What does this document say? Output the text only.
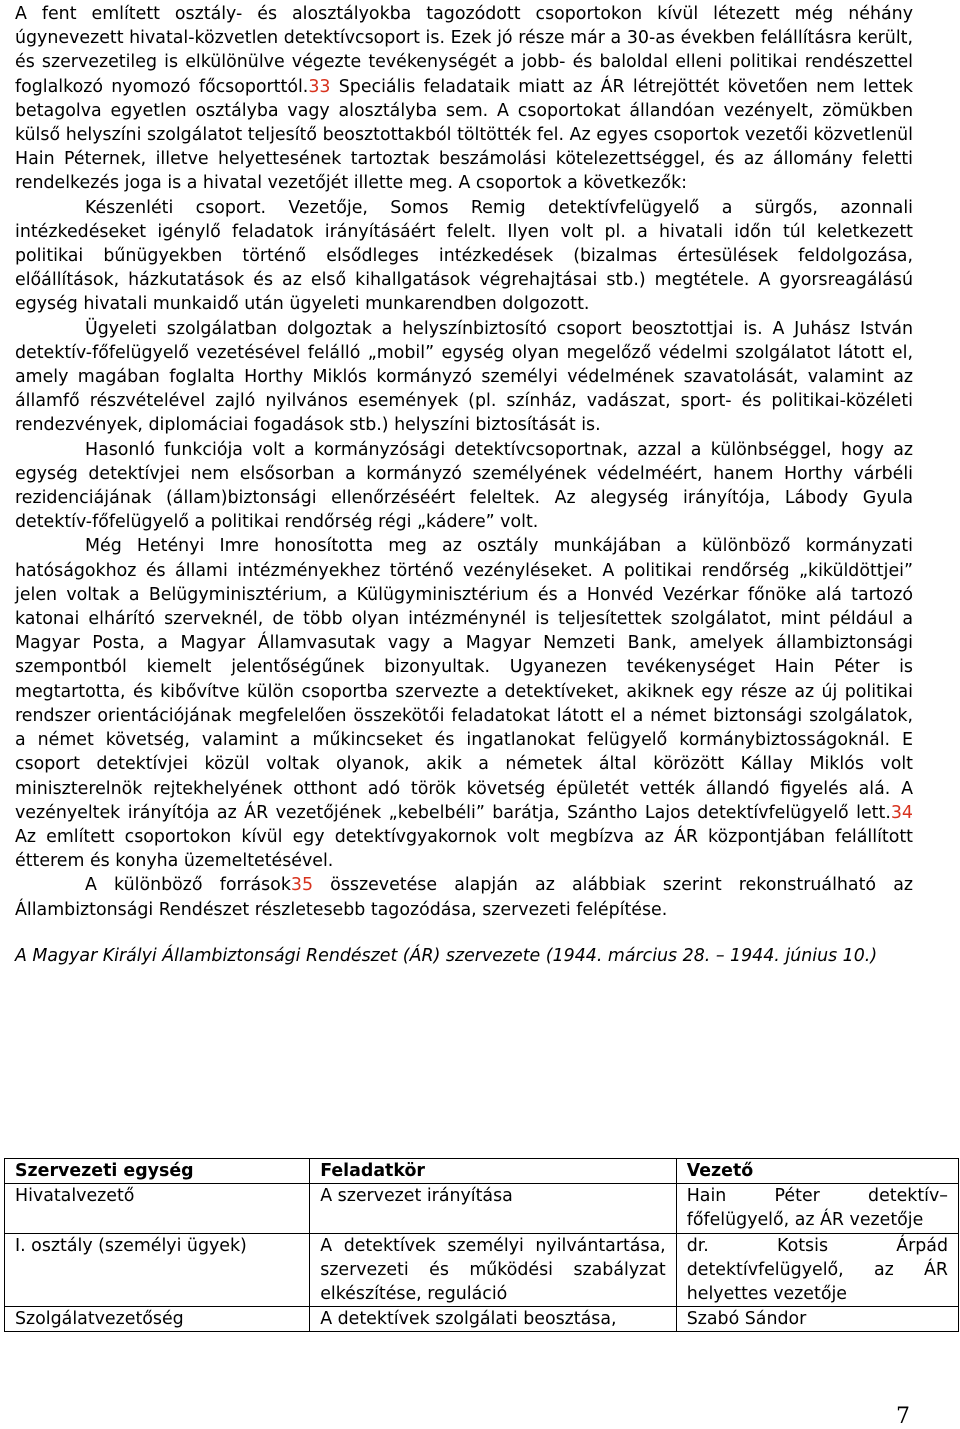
A fent említett osztály- és alosztályokba tagozódott csoportokon kívül létezett még néhány úgynevezett hivatal-közvetlen detektívcsoport is. Ezek jó része már a 30-as években felállításra került, és szervezetileg is elkülönülve végezte tevékenységét a jobb- és baloldal elleni politikai rendészettel foglalkozó nyomozó főcsoporttól.33 Speciális feladataik miatt az ÁR létrejöttét követően nem lettek betagolva egyetlen osztályba vagy alosztályba sem. A csoportokat állandóan vezényelt, zömükben külső helyszíni szolgálatot teljesítő beosztottakból töltötték fel. Az egyes csoportok vezetői közvetlenül Hain Péternek, illetve helyettesének tartoztak beszámolási kötelezettséggel, és az állomány feletti rendelkezés joga is a hivatal vezetőjét illette meg. A csoportok a következők:

Készenléti csoport. Vezetője, Somos Remig detektívfelügyelő a sürgős, azonnali intézkedéseket igénylő feladatok irányításáért felelt. Ilyen volt pl. a hivatali időn túl keletkezett politikai bűnügyekben történő elsődleges intézkedések (bizalmas értesülések feldolgozása, előállítások, házkutatások és az első kihallgatások végrehajtásai stb.) megtétele. A gyorsreagálású egység hivatali munkaidő után ügyeleti munkarendben dolgozott.

Ügyeleti szolgálatban dolgoztak a helyszínbiztosító csoport beosztottjai is. A Juhász István detektív-főfelügyelő vezetésével felálló „mobil” egység olyan megelőző védelmi szolgálatot látott el, amely magában foglalta Horthy Miklós kormányzó személyi védelmének szavatolását, valamint az államfő részvételével zajló nyilvános események (pl. színház, vadászat, sport- és politikai-közéleti rendezvények, diplomáciai fogadások stb.) helyszíni biztosítását is.

Hasonló funkciója volt a kormányzósági detektívcsoportnak, azzal a különbséggel, hogy az egység detektívjei nem elsősorban a kormányzó személyének védelméért, hanem Horthy várbéli rezidenciájának (állam)biztonsági ellenőrzéséért feleltek. Az alegység irányítója, Lábody Gyula detektív-főfelügyelő a politikai rendőrség régi „kádere” volt.

Még Hetényi Imre honosította meg az osztály munkájában a különböző kormányzati hatóságokhoz és állami intézményekhez történő vezényléseket. A politikai rendőrség „kiküldöttjei” jelen voltak a Belügyminisztérium, a Külügyminisztérium és a Honvéd Vezérkar főnöke alá tartozó katonai elhárító szerveknél, de több olyan intézménynél is teljesítettek szolgálatot, mint például a Magyar Posta, a Magyar Államvasutak vagy a Magyar Nemzeti Bank, amelyek állambiztonsági szempontból kiemelt jelentőségűnek bizonyultak. Ugyanezen tevékenységet Hain Péter is megtartotta, és kibővítve külön csoportba szervezte a detektíveket, akiknek egy része az új politikai rendszer orientációjának megfelelően összekötői feladatokat látott el a német biztonsági szolgálatok, a német követség, valamint a műkincseket és ingatlanokat felügyelő kormánybiztosságoknál. E csoport detektívjei közül voltak olyanok, akik a németek által körözött Kállay Miklós volt miniszterelnök rejtekhelyének otthont adó török követség épületét vették állandó figyelés alá. A vezényeltek irányítója az ÁR vezetőjének „kebelbéli” barátja, Szántho Lajos detektívfelügyelő lett.34 Az említett csoportokon kívül egy detektívgyakornok volt megbízva az ÁR központjában felállított étterem és konyha üzemeltetésével.

A különböző források35 összevetése alapján az alábbiak szerint rekonstruálható az Állambiztonsági Rendészet részletesebb tagozódása, szervezeti felépítése.

A Magyar Királyi Állambiztonsági Rendészet (ÁR) szervezete (1944. március 28. – 1944. június 10.)

Szervezeti egység	Feladatkör	Vezető
Hivatalvezető	A szervezet irányítása	Hain Péter detektív–főfelügyelő, az ÁR vezetője
I. osztály (személyi ügyek)	A detektívek személyi nyilvántartása, szervezeti és működési szabályzat elkészítése, reguláció	dr. Kotsis Árpád detektívfelügyelő, az ÁR helyettes vezetője
Szolgálatvezetőség	A detektívek szolgálati beosztása,	Szabó Sándor
7
